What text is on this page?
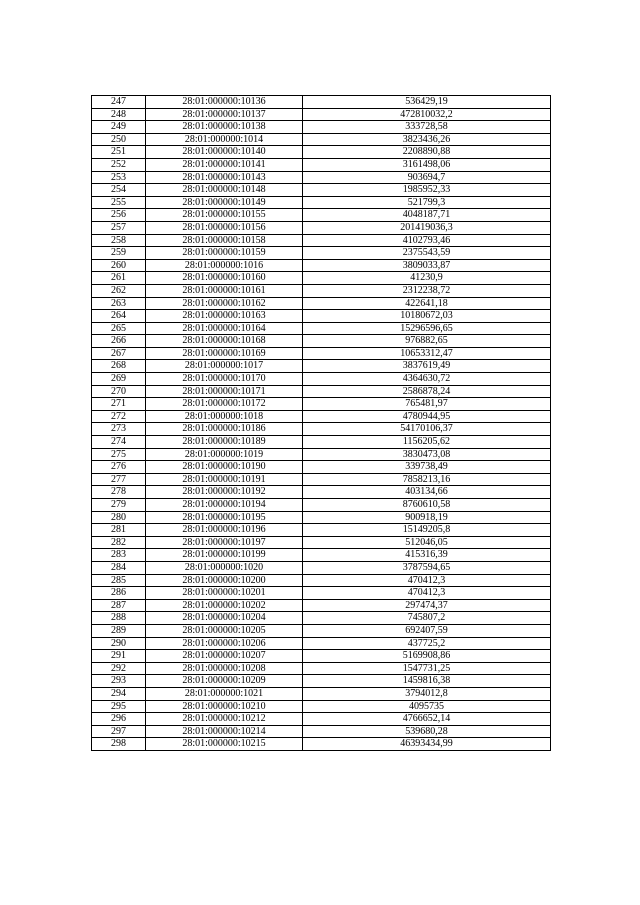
247	28:01:000000:10136	536429,19
248	28:01:000000:10137	472810032,2
249	28:01:000000:10138	333728,58
250	28:01:000000:1014	3823436,26
251	28:01:000000:10140	2208890,88
252	28:01:000000:10141	3161498,06
253	28:01:000000:10143	903694,7
254	28:01:000000:10148	1985952,33
255	28:01:000000:10149	521799,3
256	28:01:000000:10155	4048187,71
257	28:01:000000:10156	201419036,3
258	28:01:000000:10158	4102793,46
259	28:01:000000:10159	2375543,59
260	28:01:000000:1016	3809033,87
261	28:01:000000:10160	41230,9
262	28:01:000000:10161	2312238,72
263	28:01:000000:10162	422641,18
264	28:01:000000:10163	10180672,03
265	28:01:000000:10164	15296596,65
266	28:01:000000:10168	976882,65
267	28:01:000000:10169	10653312,47
268	28:01:000000:1017	3837619,49
269	28:01:000000:10170	4364630,72
270	28:01:000000:10171	2586878,24
271	28:01:000000:10172	765481,97
272	28:01:000000:1018	4780944,95
273	28:01:000000:10186	54170106,37
274	28:01:000000:10189	1156205,62
275	28:01:000000:1019	3830473,08
276	28:01:000000:10190	339738,49
277	28:01:000000:10191	7858213,16
278	28:01:000000:10192	403134,66
279	28:01:000000:10194	8760610,58
280	28:01:000000:10195	900918,19
281	28:01:000000:10196	15149205,8
282	28:01:000000:10197	512046,05
283	28:01:000000:10199	415316,39
284	28:01:000000:1020	3787594,65
285	28:01:000000:10200	470412,3
286	28:01:000000:10201	470412,3
287	28:01:000000:10202	297474,37
288	28:01:000000:10204	745807,2
289	28:01:000000:10205	692407,59
290	28:01:000000:10206	437725,2
291	28:01:000000:10207	5169908,86
292	28:01:000000:10208	1547731,25
293	28:01:000000:10209	1459816,38
294	28:01:000000:1021	3794012,8
295	28:01:000000:10210	4095735
296	28:01:000000:10212	4766652,14
297	28:01:000000:10214	539680,28
298	28:01:000000:10215	46393434,99
